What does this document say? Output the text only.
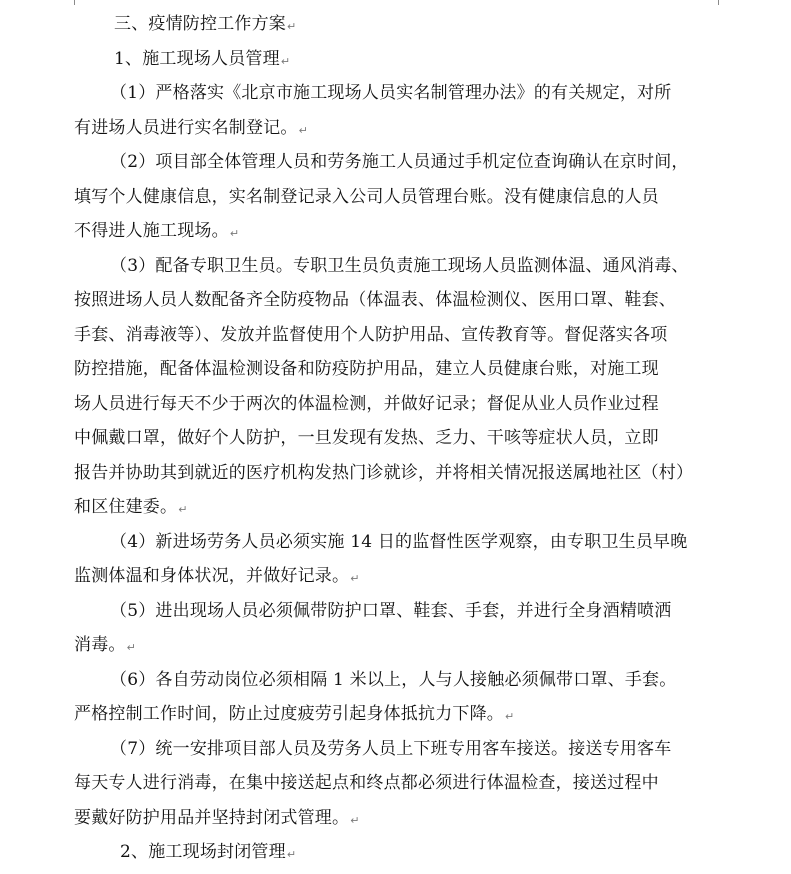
三、疫情防控工作方案↵
1、施工现场人员管理↵
（1）严格落实《北京市施工现场人员实名制管理办法》的有关规定，对所
有进场人员进行实名制登记。↵
（2）项目部全体管理人员和劳务施工人员通过手机定位查询确认在京时间，
填写个人健康信息，实名制登记录入公司人员管理台账。没有健康信息的人员
不得进人施工现场。↵
（3）配备专职卫生员。专职卫生员负责施工现场人员监测体温、通风消毒、
按照进场人员人数配备齐全防疫物品（体温表、体温检测仪、医用口罩、鞋套、
手套、消毒液等）、发放并监督使用个人防护用品、宣传教育等。督促落实各项
防控措施，配备体温检测设备和防疫防护用品，建立人员健康台账，对施工现
场人员进行每天不少于两次的体温检测，并做好记录；督促从业人员作业过程
中佩戴口罩，做好个人防护，一旦发现有发热、乏力、干咳等症状人员，立即
报告并协助其到就近的医疗机构发热门诊就诊，并将相关情况报送属地社区（村）
和区住建委。↵
（4）新进场劳务人员必须实施 14 日的监督性医学观察，由专职卫生员早晚
监测体温和身体状况，并做好记录。↵
（5）进出现场人员必须佩带防护口罩、鞋套、手套，并进行全身酒精喷洒
消毒。↵
（6）各自劳动岗位必须相隔 1 米以上，人与人接触必须佩带口罩、手套。
严格控制工作时间，防止过度疲劳引起身体抵抗力下降。↵
（7）统一安排项目部人员及劳务人员上下班专用客车接送。接送专用客车
每天专人进行消毒，在集中接送起点和终点都必须进行体温检查，接送过程中
要戴好防护用品并坚持封闭式管理。↵
2、施工现场封闭管理↵
